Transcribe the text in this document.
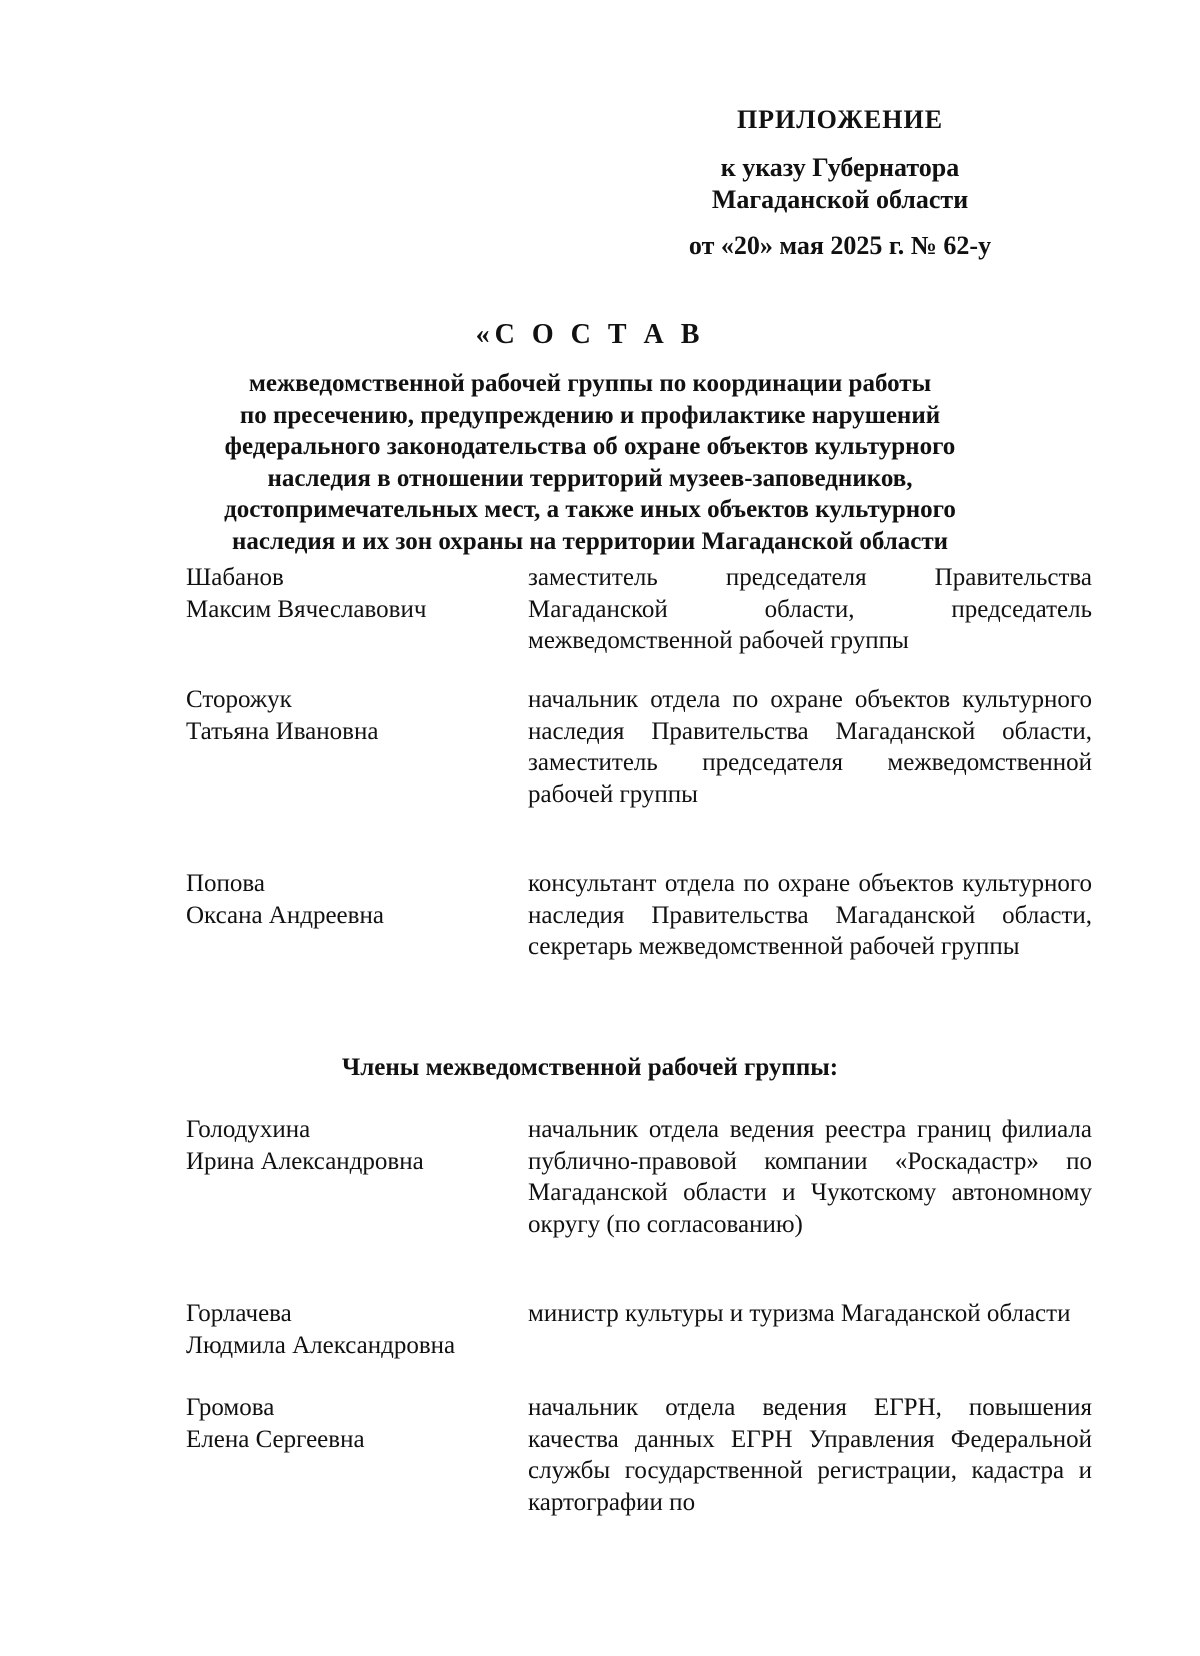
ПРИЛОЖЕНИЕ
к указу Губернатора
Магаданской области
от «20» мая 2025 г. № 62-у
«С О С Т А В
межведомственной рабочей группы по координации работы
по пресечению, предупреждению и профилактике нарушений
федерального законодательства об охране объектов культурного
наследия в отношении территорий музеев-заповедников,
достопримечательных мест, а также иных объектов культурного
наследия и их зон охраны на территории Магаданской области
Шабанов
Максим Вячеславович
заместитель председателя Правительства Магаданской области, председатель межведомственной рабочей группы
Сторожук
Татьяна Ивановна
начальник отдела по охране объектов культурного наследия Правительства Магаданской области, заместитель председателя межведомственной рабочей группы
Попова
Оксана Андреевна
консультант отдела по охране объектов культурного наследия Правительства Магаданской области, секретарь межведомственной рабочей группы
Члены межведомственной рабочей группы:
Голодухина
Ирина Александровна
начальник отдела ведения реестра границ филиала публично-правовой компании «Роскадастр» по Магаданской области и Чукотскому автономному округу (по согласованию)
Горлачева
Людмила Александровна
министр культуры и туризма Магаданской области
Громова
Елена Сергеевна
начальник отдела ведения ЕГРН, повышения качества данных ЕГРН Управления Федеральной службы государственной регистрации, кадастра и картографии по
